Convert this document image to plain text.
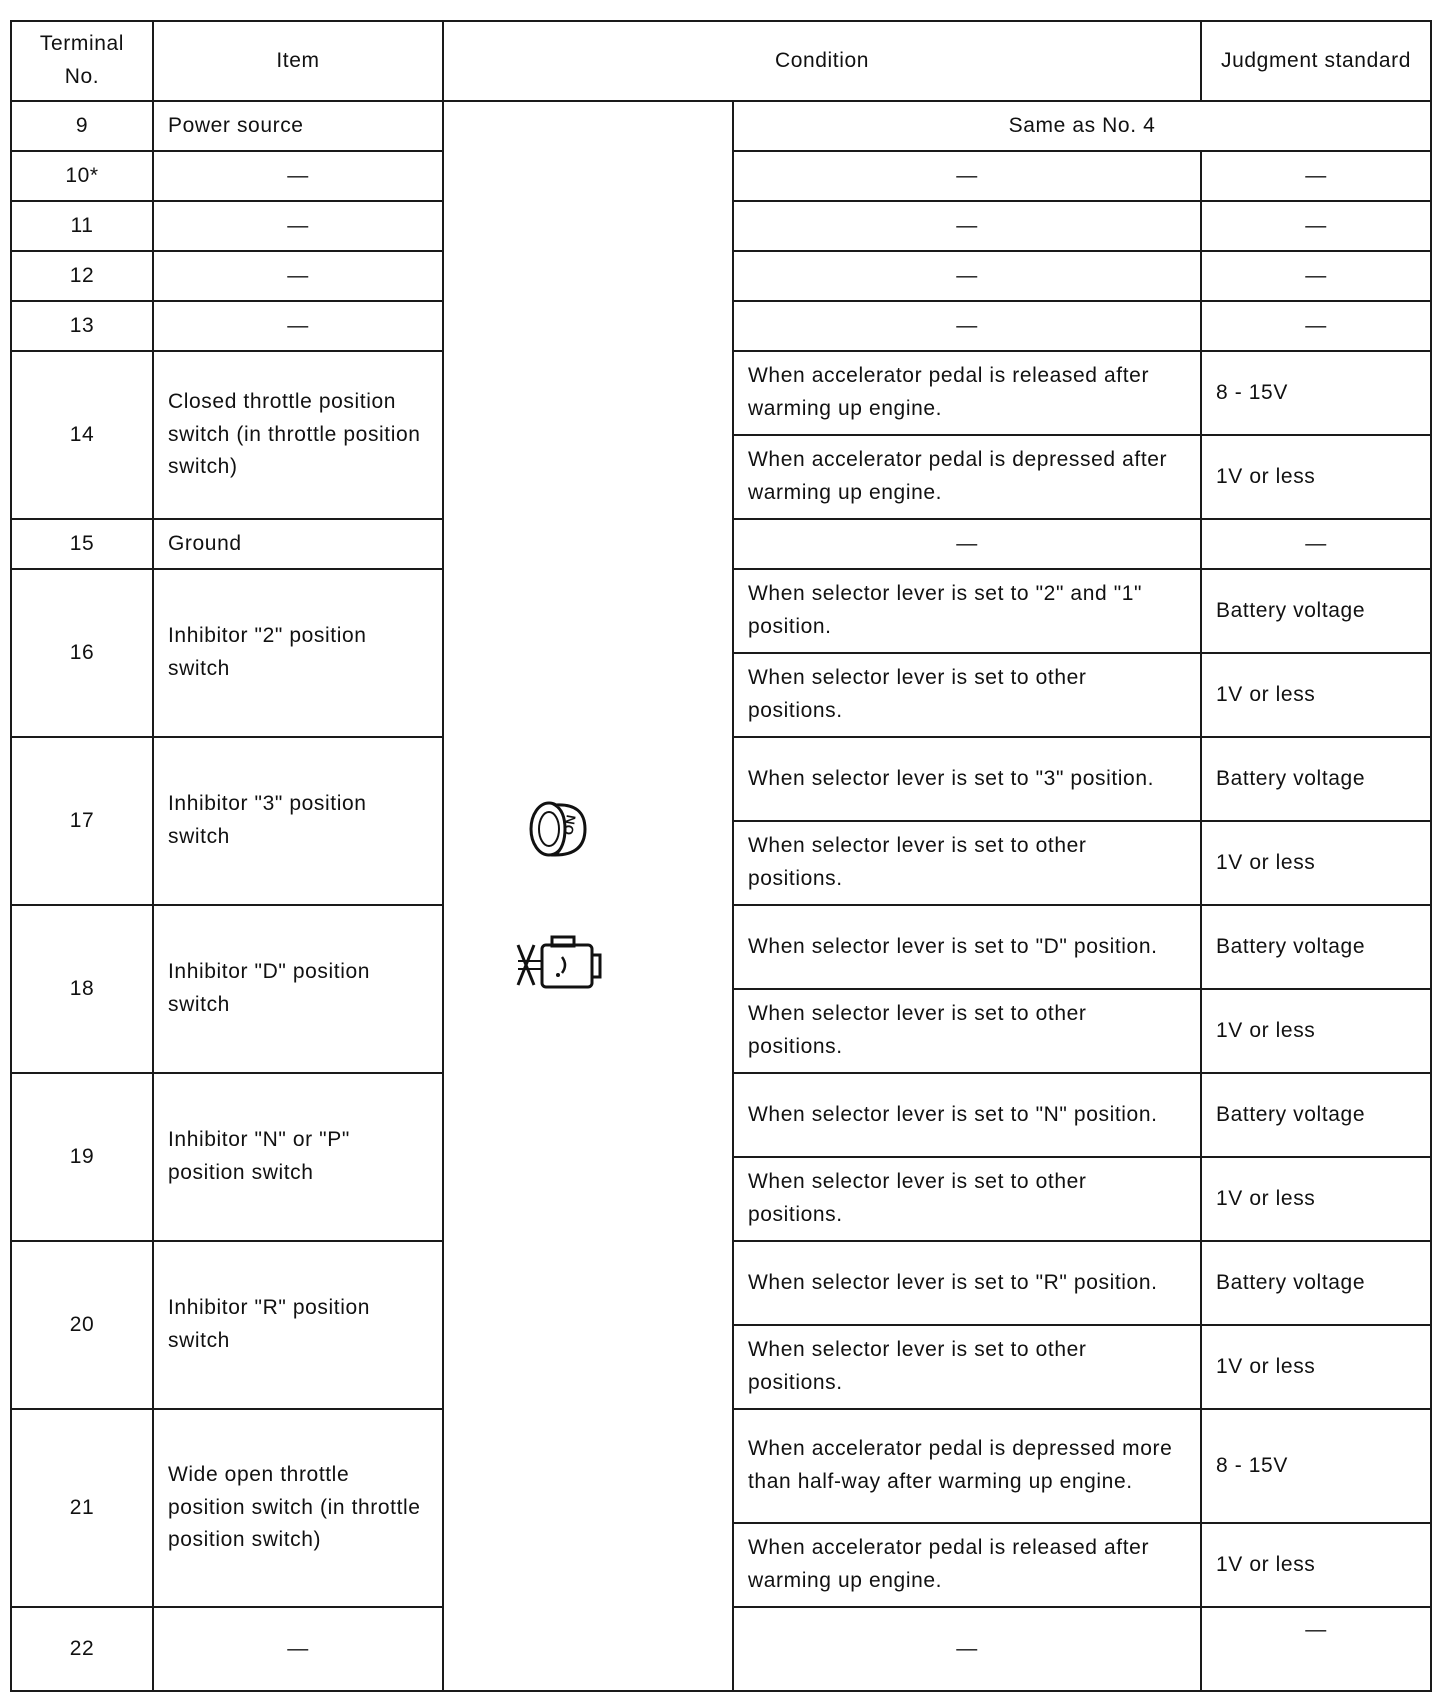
Terminal No.	Item	Condition		Judgment standard
9	Power source	ON	Same as No. 4	
10*	—		—	—
11	—		—	—
12	—		—	—
13	—		—	—
14	Closed throttle position switch (in throttle position switch)		When accelerator pedal is released after warming up engine.	8 - 15V
			When accelerator pedal is depressed after warming up engine.	1V or less
15	Ground		—	—
16	Inhibitor "2" position switch		When selector lever is set to "2" and "1" position.	Battery voltage
			When selector lever is set to other positions.	1V or less
17	Inhibitor "3" position switch		When selector lever is set to "3" position.	Battery voltage
			When selector lever is set to other positions.	1V or less
18	Inhibitor "D" position switch		When selector lever is set to "D" position.	Battery voltage
			When selector lever is set to other positions.	1V or less
19	Inhibitor "N" or "P" position switch		When selector lever is set to "N" position.	Battery voltage
			When selector lever is set to other positions.	1V or less
20	Inhibitor "R" position switch		When selector lever is set to "R" position.	Battery voltage
			When selector lever is set to other positions.	1V or less
21	Wide open throttle position switch (in throttle position switch)		When accelerator pedal is depressed more than half-way after warming up engine.	8 - 15V
			When accelerator pedal is released after warming up engine.	1V or less
22	—		—	—
